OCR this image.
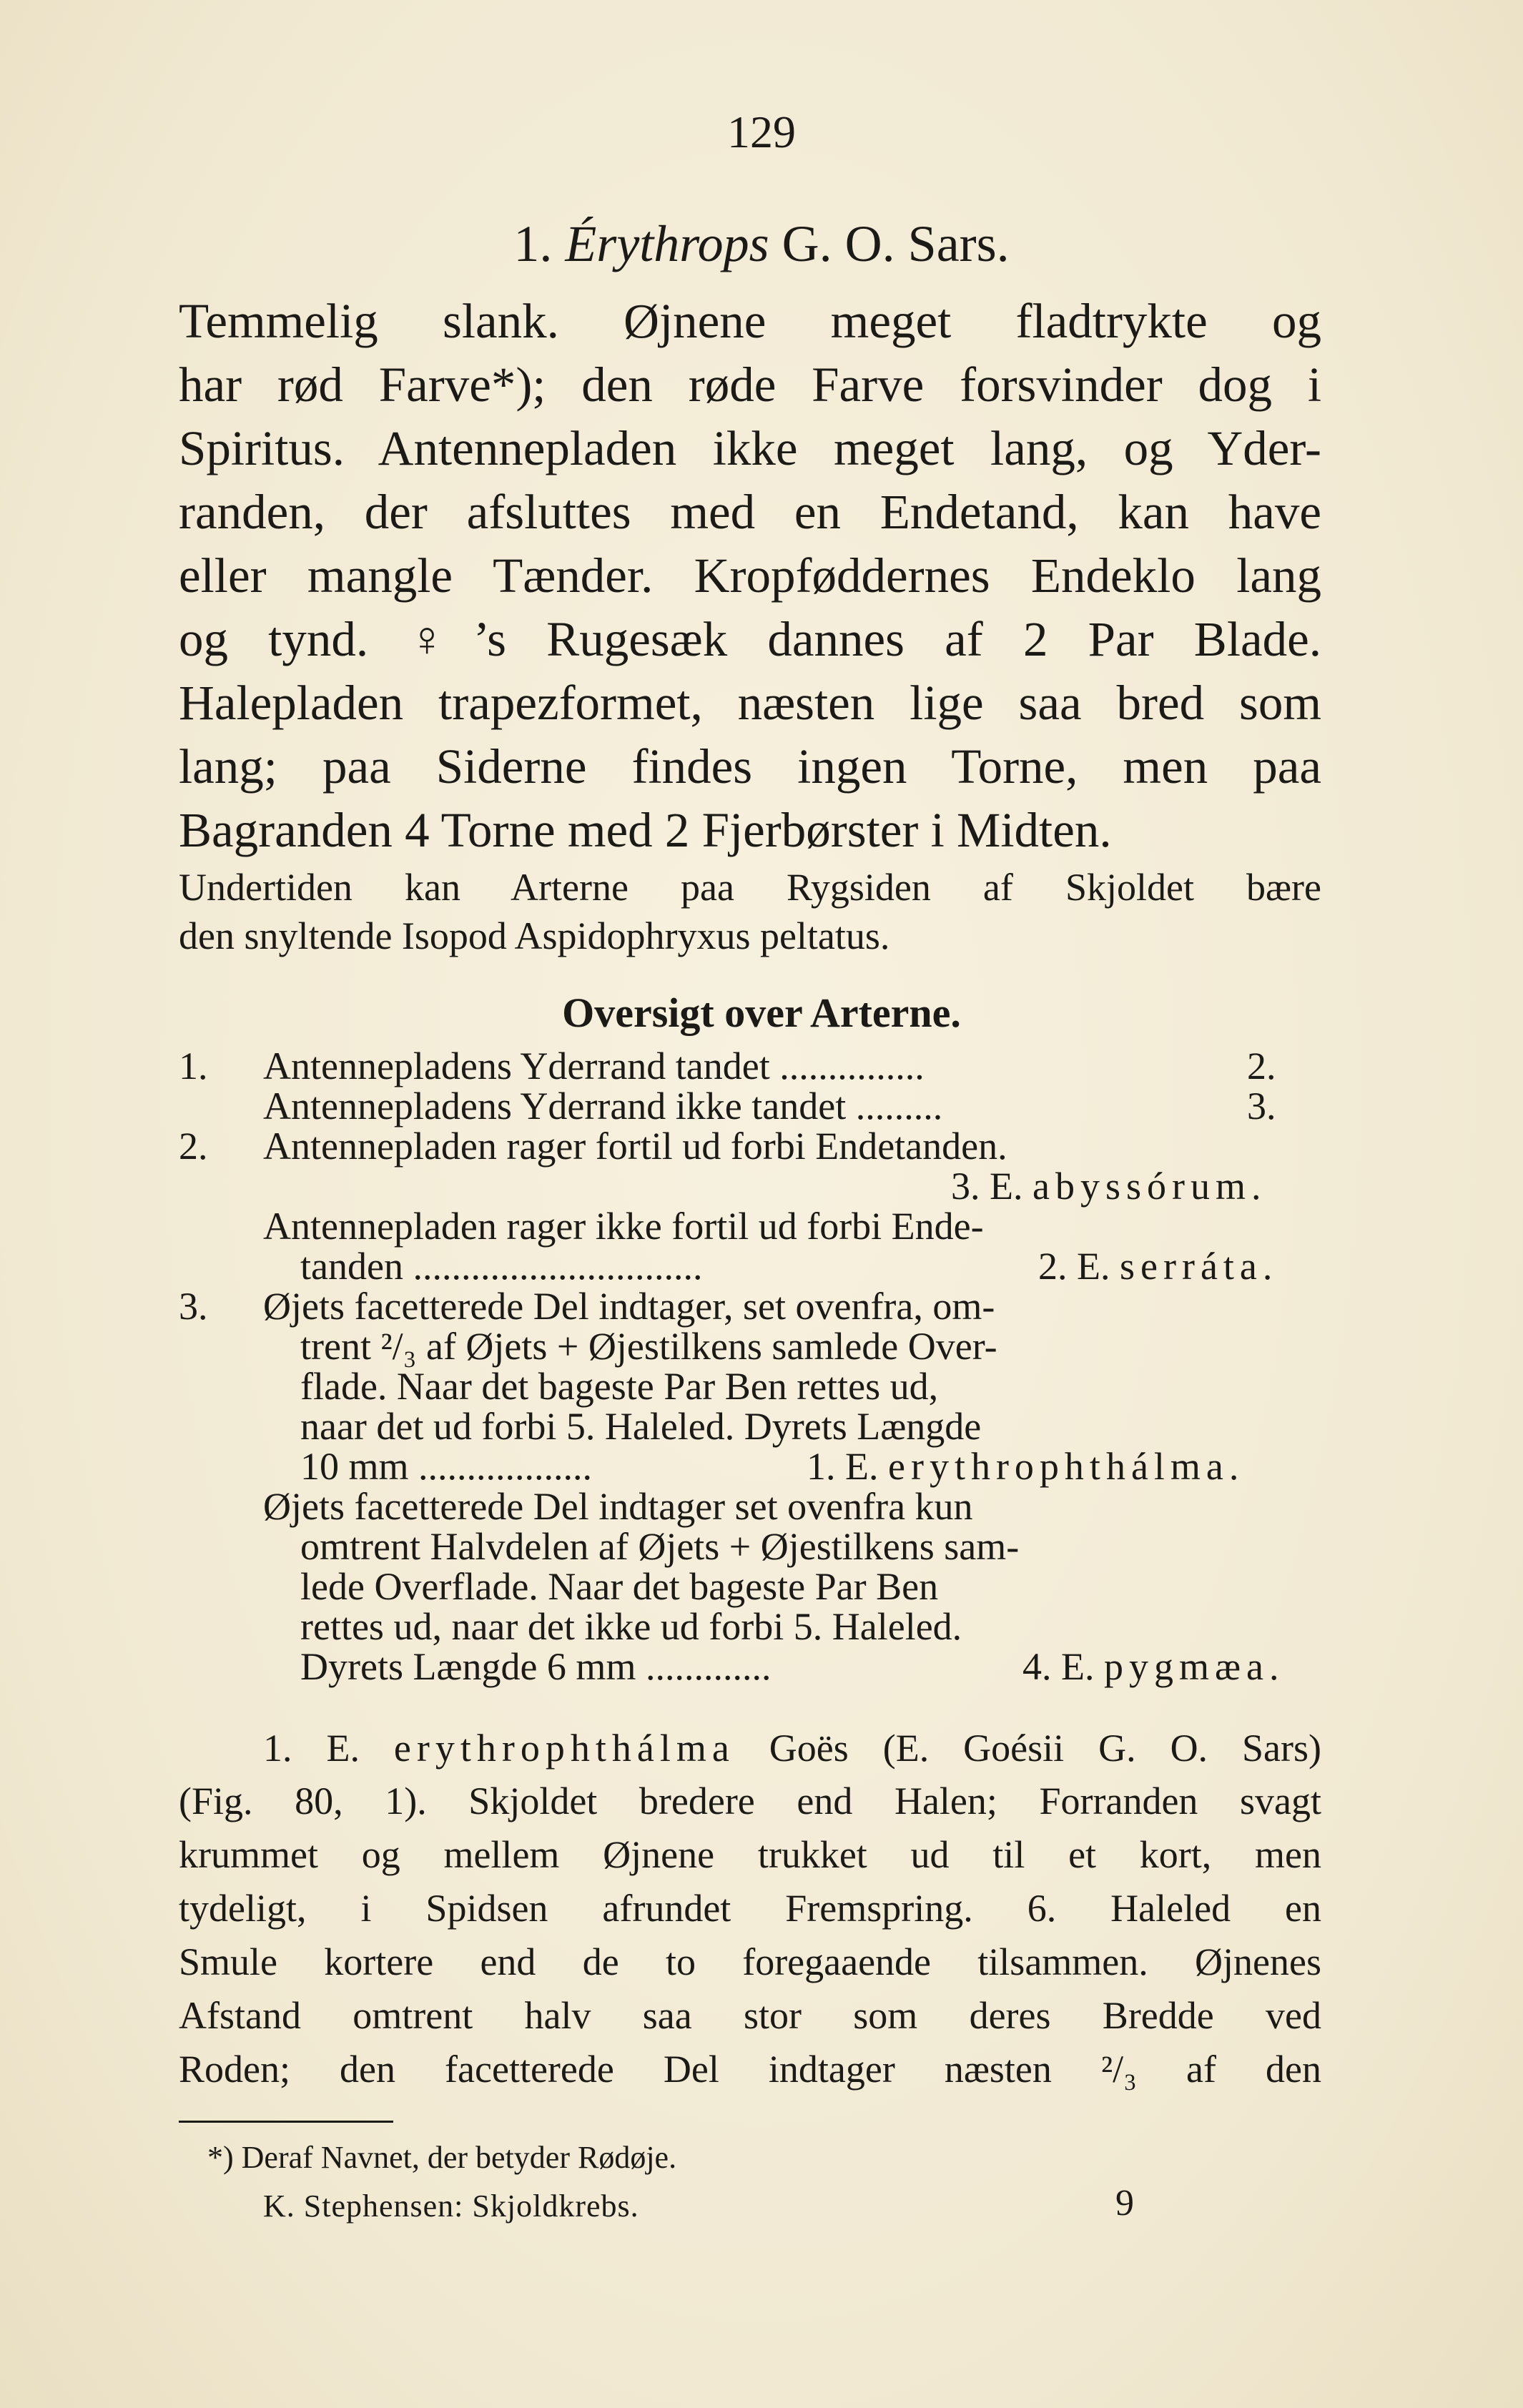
129
1. Érythrops G. O. Sars.
Temmelig slank. Øjnene meget fladtrykte og
har rød Farve*); den røde Farve forsvinder dog i
Spiritus. Antennepladen ikke meget lang, og Yder-
randen, der afsluttes med en Endetand, kan have
eller mangle Tænder. Kropføddernes Endeklo lang
og tynd. ♀’s Rugesæk dannes af 2 Par Blade.
Halepladen trapezformet, næsten lige saa bred som
lang; paa Siderne findes ingen Torne, men paa
Bagranden 4 Torne med 2 Fjerbørster i Midten.
Undertiden kan Arterne paa Rygsiden af Skjoldet bære
den snyltende Isopod Aspidophryxus peltatus.
Oversigt over Arterne.
1. Antennepladens Yderrand tandet ...............	2.
Antennepladens Yderrand ikke tandet .........	3.
2. Antennepladen rager fortil ud forbi Endetanden.
3. E. abyssórum.
Antennepladen rager ikke fortil ud forbi Ende-
tanden ..............................	2. E. serráta.
3. Øjets facetterede Del indtager, set ovenfra, om-
trent ²/₃ af Øjets + Øjestilkens samlede Over-
flade. Naar det bageste Par Ben rettes ud,
naar det ud forbi 5. Haleled. Dyrets Længde
10 mm ..................	1. E. erythrophthálma.
Øjets facetterede Del indtager set ovenfra kun
omtrent Halvdelen af Øjets + Øjestilkens sam-
lede Overflade. Naar det bageste Par Ben
rettes ud, naar det ikke ud forbi 5. Haleled.
Dyrets Længde 6 mm .............	4. E. pygmæa.
1. E. erythrophthálma Goës (E. Goésii G. O. Sars)
(Fig. 80, 1). Skjoldet bredere end Halen; Forranden svagt
krummet og mellem Øjnene trukket ud til et kort, men
tydeligt, i Spidsen afrundet Fremspring. 6. Haleled en
Smule kortere end de to foregaaende tilsammen. Øjnenes
Afstand omtrent halv saa stor som deres Bredde ved
Roden; den facetterede Del indtager næsten ²/₃ af den
*) Deraf Navnet, der betyder Rødøje.
K. Stephensen: Skjoldkrebs.	9
